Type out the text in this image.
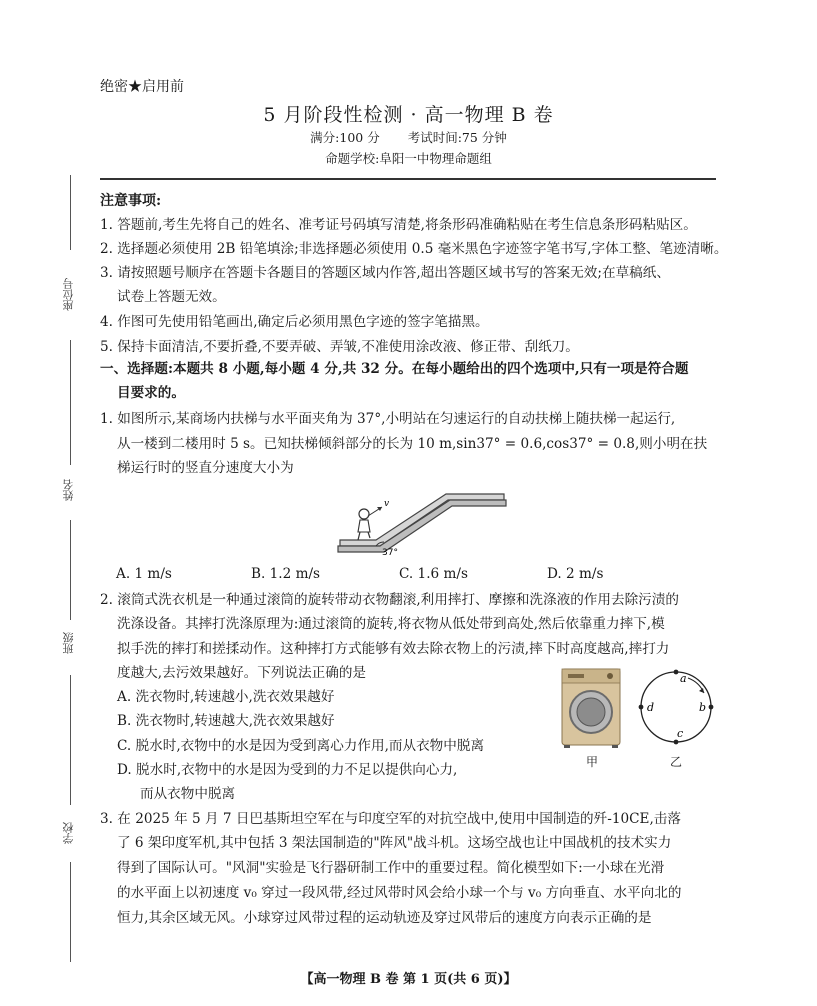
座位号
姓名
班级
学校
绝密★启用前
5 月阶段性检测 · 高一物理 B 卷
满分:100 分 考试时间:75 分钟
命题学校:阜阳一中物理命题组
注意事项:
1. 答题前,考生先将自己的姓名、准考证号码填写清楚,将条形码准确粘贴在考生信息条形码粘贴区。
2. 选择题必须使用 2B 铅笔填涂;非选择题必须使用 0.5 毫米黑色字迹签字笔书写,字体工整、笔迹清晰。
3. 请按照题号顺序在答题卡各题目的答题区域内作答,超出答题区域书写的答案无效;在草稿纸、
试卷上答题无效。
4. 作图可先使用铅笔画出,确定后必须用黑色字迹的签字笔描黑。
5. 保持卡面清洁,不要折叠,不要弄破、弄皱,不准使用涂改液、修正带、刮纸刀。
一、选择题:本题共 8 小题,每小题 4 分,共 32 分。在每小题给出的四个选项中,只有一项是符合题
目要求的。
1. 如图所示,某商场内扶梯与水平面夹角为 37°,小明站在匀速运行的自动扶梯上随扶梯一起运行,
从一楼到二楼用时 5 s。已知扶梯倾斜部分的长为 10 m,sin37° = 0.6,cos37° = 0.8,则小明在扶
梯运行时的竖直分速度大小为
v
37°
A. 1 m/s	B. 1.2 m/s	C. 1.6 m/s	D. 2 m/s
2. 滚筒式洗衣机是一种通过滚筒的旋转带动衣物翻滚,利用摔打、摩擦和洗涤液的作用去除污渍的
洗涤设备。其摔打洗涤原理为:通过滚筒的旋转,将衣物从低处带到高处,然后依靠重力摔下,模
拟手洗的摔打和搓揉动作。这种摔打方式能够有效去除衣物上的污渍,摔下时高度越高,摔打力
度越大,去污效果越好。下列说法正确的是
A. 洗衣物时,转速越小,洗衣效果越好
B. 洗衣物时,转速越大,洗衣效果越好
C. 脱水时,衣物中的水是因为受到离心力作用,而从衣物中脱离
D. 脱水时,衣物中的水是因为受到的力不足以提供向心力,
而从衣物中脱离
甲
a
b
c
d
乙
3. 在 2025 年 5 月 7 日巴基斯坦空军在与印度空军的对抗空战中,使用中国制造的歼-10CE,击落
了 6 架印度军机,其中包括 3 架法国制造的"阵风"战斗机。这场空战也让中国战机的技术实力
得到了国际认可。"风洞"实验是飞行器研制工作中的重要过程。简化模型如下:一小球在光滑
的水平面上以初速度 v₀ 穿过一段风带,经过风带时风会给小球一个与 v₀ 方向垂直、水平向北的
恒力,其余区域无风。小球穿过风带过程的运动轨迹及穿过风带后的速度方向表示正确的是
【高一物理 B 卷 第 1 页(共 6 页)】
